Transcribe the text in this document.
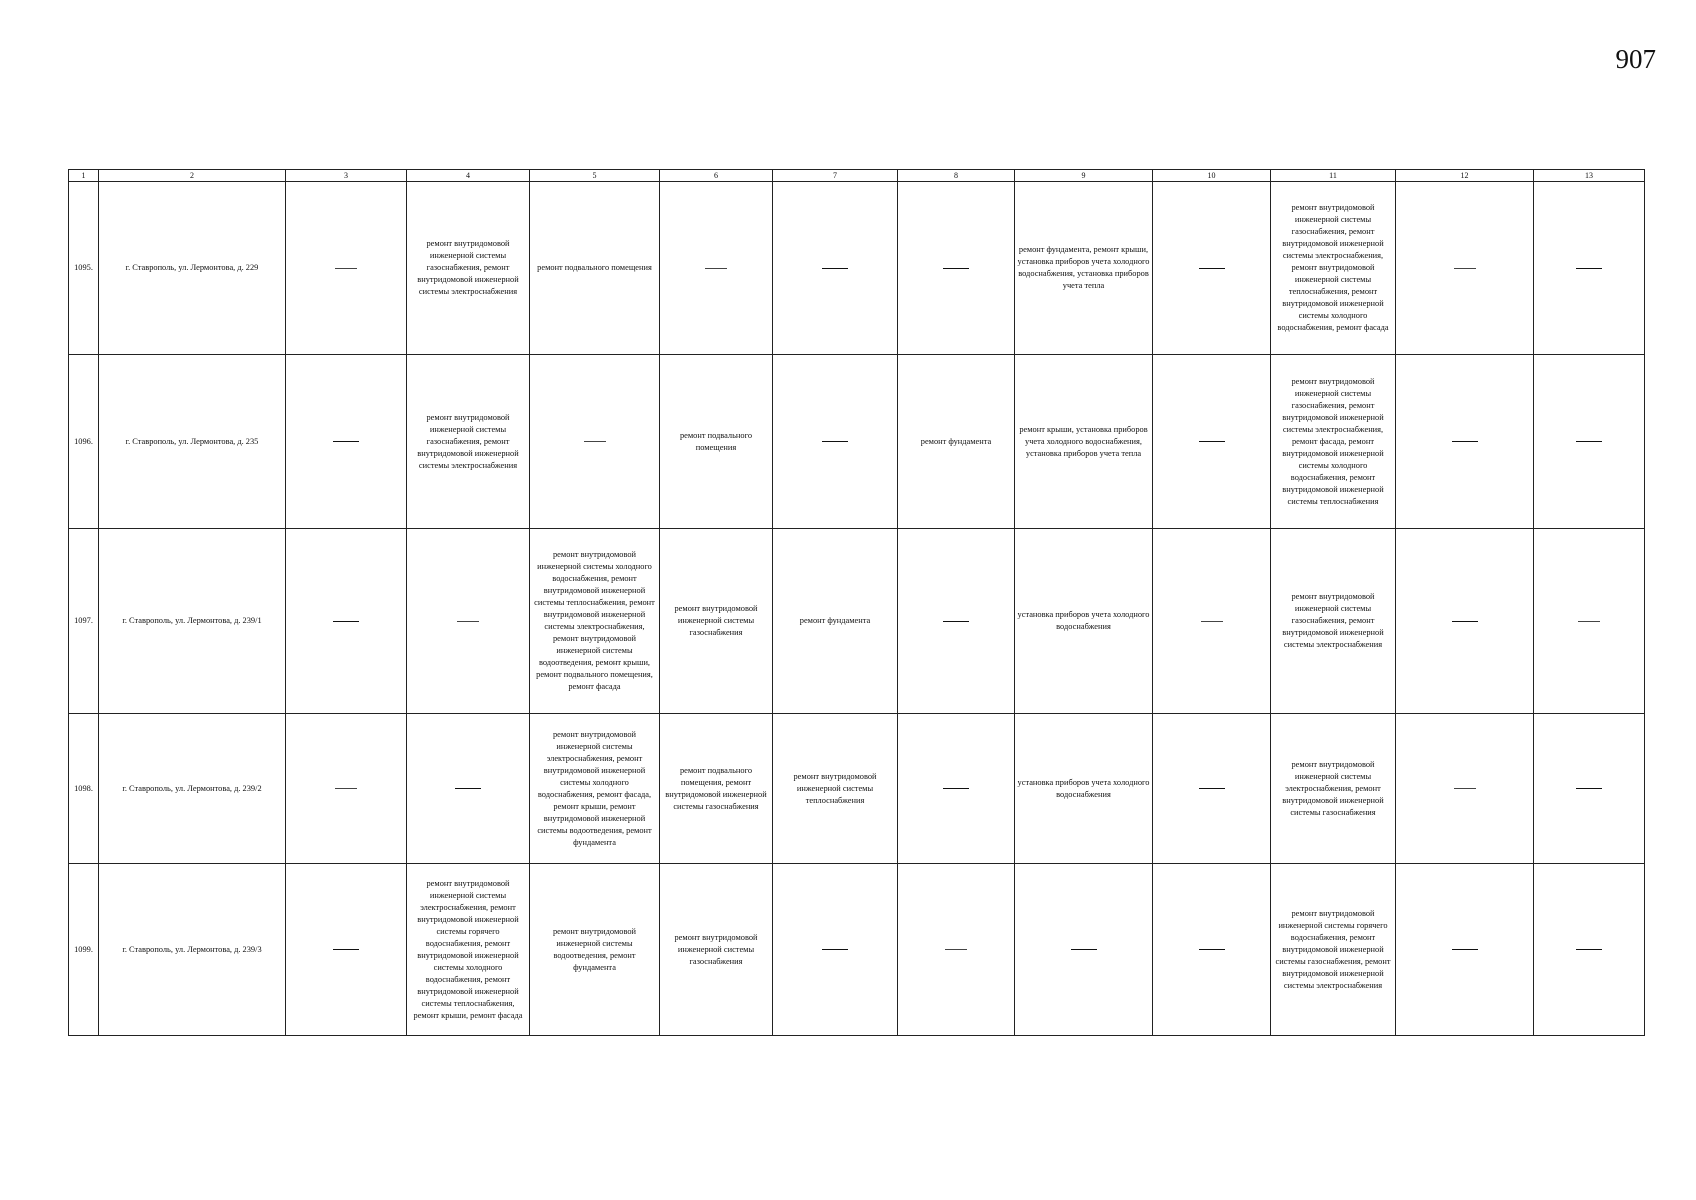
907
1	2	3	4	5	6	7	8	9	10	11	12	13
1095.	г. Ставрополь, ул. Лермонтова, д. 229		ремонт внутридомовой инженерной системы газоснабжения, ремонт внутридомовой инженерной системы электроснабжения	ремонт подвального помещения				ремонт фундамента, ремонт крыши, установка приборов учета холодного водоснабжения, установка приборов учета тепла		ремонт внутридомовой инженерной системы газоснабжения, ремонт внутридомовой инженерной системы электроснабжения, ремонт внутридомовой инженерной системы теплоснабжения, ремонт внутридомовой инженерной системы холодного водоснабжения, ремонт фасада		
1096.	г. Ставрополь, ул. Лермонтова, д. 235		ремонт внутридомовой инженерной системы газоснабжения, ремонт внутридомовой инженерной системы электроснабжения		ремонт подвального помещения		ремонт фундамента	ремонт крыши, установка приборов учета холодного водоснабжения, установка приборов учета тепла		ремонт внутридомовой инженерной системы газоснабжения, ремонт внутридомовой инженерной системы электроснабжения, ремонт фасада, ремонт внутридомовой инженерной системы холодного водоснабжения, ремонт внутридомовой инженерной системы теплоснабжения		
1097.	г. Ставрополь, ул. Лермонтова, д. 239/1			ремонт внутридомовой инженерной системы холодного водоснабжения, ремонт внутридомовой инженерной системы теплоснабжения, ремонт внутридомовой инженерной системы электроснабжения, ремонт внутридомовой инженерной системы водоотведения, ремонт крыши, ремонт подвального помещения, ремонт фасада	ремонт внутридомовой инженерной системы газоснабжения	ремонт фундамента		установка приборов учета холодного водоснабжения		ремонт внутридомовой инженерной системы газоснабжения, ремонт внутридомовой инженерной системы электроснабжения		
1098.	г. Ставрополь, ул. Лермонтова, д. 239/2			ремонт внутридомовой инженерной системы электроснабжения, ремонт внутридомовой инженерной системы холодного водоснабжения, ремонт фасада, ремонт крыши, ремонт внутридомовой инженерной системы водоотведения, ремонт фундамента	ремонт подвального помещения, ремонт внутридомовой инженерной системы газоснабжения	ремонт внутридомовой инженерной системы теплоснабжения		установка приборов учета холодного водоснабжения		ремонт внутридомовой инженерной системы электроснабжения, ремонт внутридомовой инженерной системы газоснабжения		
1099.	г. Ставрополь, ул. Лермонтова, д. 239/3		ремонт внутридомовой инженерной системы электроснабжения, ремонт внутридомовой инженерной системы горячего водоснабжения, ремонт внутридомовой инженерной системы холодного водоснабжения, ремонт внутридомовой инженерной системы теплоснабжения, ремонт крыши, ремонт фасада	ремонт внутридомовой инженерной системы водоотведения, ремонт фундамента	ремонт внутридомовой инженерной системы газоснабжения					ремонт внутридомовой инженерной системы горячего водоснабжения, ремонт внутридомовой инженерной системы газоснабжения, ремонт внутридомовой инженерной системы электроснабжения		
